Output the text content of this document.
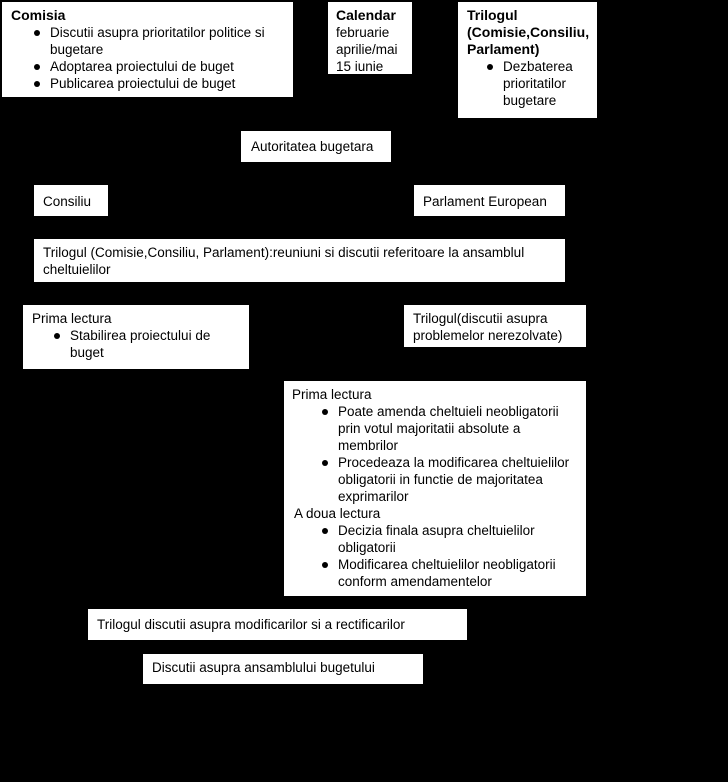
Comisia
Discutii asupra prioritatilor politice si bugetare
Adoptarea proiectului de buget
Publicarea proiectului de buget
Calendar
februarie
aprilie/mai
15 iunie
Trilogul (Comisie,Consiliu, Parlament)
Dezbaterea prioritatilor bugetare
Autoritatea bugetara
Consiliu	Parlament European
Trilogul (Comisie,Consiliu, Parlament):reuniuni si discutii referitoare la ansamblul cheltuielilor
Prima lectura
Stabilirea proiectului de buget
Trilogul(discutii asupra problemelor nerezolvate)
Prima lectura
Poate amenda cheltuieli neobligatorii prin votul majoritatii absolute a membrilor
Procedeaza la modificarea cheltuielilor obligatorii in functie de majoritatea exprimarilor
A doua lectura
Decizia finala asupra cheltuielilor obligatorii
Modificarea cheltuielilor neobligatorii conform amendamentelor
Trilogul discutii asupra modificarilor si a rectificarilor
Discutii asupra ansamblului bugetului
